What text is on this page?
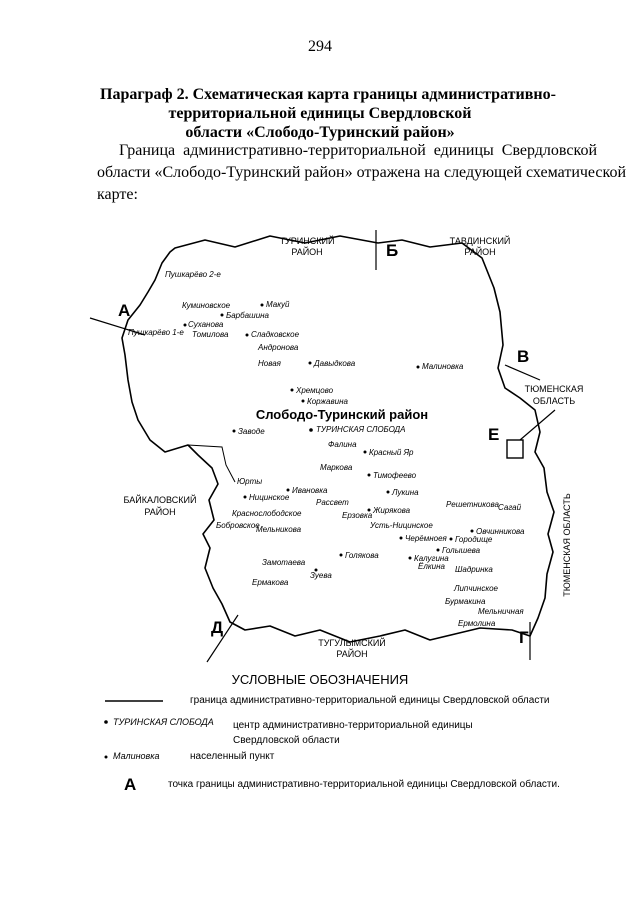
294
Параграф 2. Схематическая карта границы административно-
территориальной единицы Свердловской
области «Слободо-Туринский район»
Граница административно-территориальной единицы Свердловской
области «Слободо-Туринский район» отражена на следующей схематической
карте:
ТУРИНСКИЙ
РАЙОН
ТАВДИНСКИЙ
РАЙОН
ТЮМЕНСКАЯ
ОБЛАСТЬ
БАЙКАЛОВСКИЙ
РАЙОН
ТУГУЛЫМСКИЙ
РАЙОН
ТЮМЕНСКАЯ ОБЛАСТЬ
А
Б
В
Г
Д
Е
Слободо-Туринский район
ТУРИНСКАЯ СЛОБОДА
Пушкарёво 2-е
Куминовское	Макуй
Барбашина
Суханова
Пушкарёво 1-е Томилова	Сладковское
Андронова
Новая	Давыдкова	Малиновка
Хремцово
Коржавина
Заводе
Фалина
Красный Яр
Маркова
Тимофеево
Юрты
Ивановка	Лукина
Решетникова Сагай
Ницинское
Рассвет
Жирякова
Краснослободское	Ерзовка
Бобровское
Мельникова	Усть-Ницинское
Овчинникова
Черёмноея Городище
Голышева
Голякова	Калугина
Замотаева	Ёлкина Шадринка
Зуева
Ермакова
Липчинское
Бурмакина
Мельничная
Ермолина
УСЛОВНЫЕ ОБОЗНАЧЕНИЯ
граница административно-территориальной единицы Свердловской области
ТУРИНСКАЯ СЛОБОДА центр административно-территориальной единицы
Свердловской области
Малиновка	населенный пункт
А	точка границы административно-территориальной единицы Свердловской области.
